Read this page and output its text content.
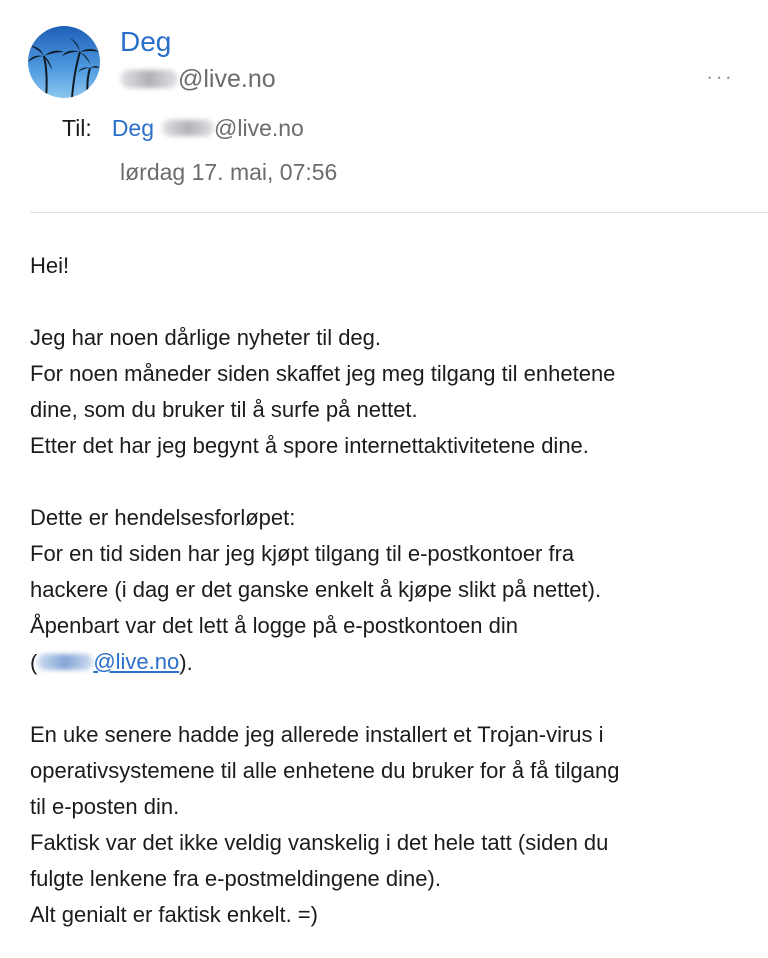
Deg
@live.no	···
Til: Deg	@live.no
lørdag 17. mai, 07:56
Hei!
Jeg har noen dårlige nyheter til deg.
For noen måneder siden skaffet jeg meg tilgang til enhetene
dine, som du bruker til å surfe på nettet.
Etter det har jeg begynt å spore internettaktivitetene dine.
Dette er hendelsesforløpet:
For en tid siden har jeg kjøpt tilgang til e-postkontoer fra
hackere (i dag er det ganske enkelt å kjøpe slikt på nettet).
Åpenbart var det lett å logge på e-postkontoen din
(	@live.no ).
En uke senere hadde jeg allerede installert et Trojan-virus i
operativsystemene til alle enhetene du bruker for å få tilgang
til e-posten din.
Faktisk var det ikke veldig vanskelig i det hele tatt (siden du
fulgte lenkene fra e-postmeldingene dine).
Alt genialt er faktisk enkelt. =)
